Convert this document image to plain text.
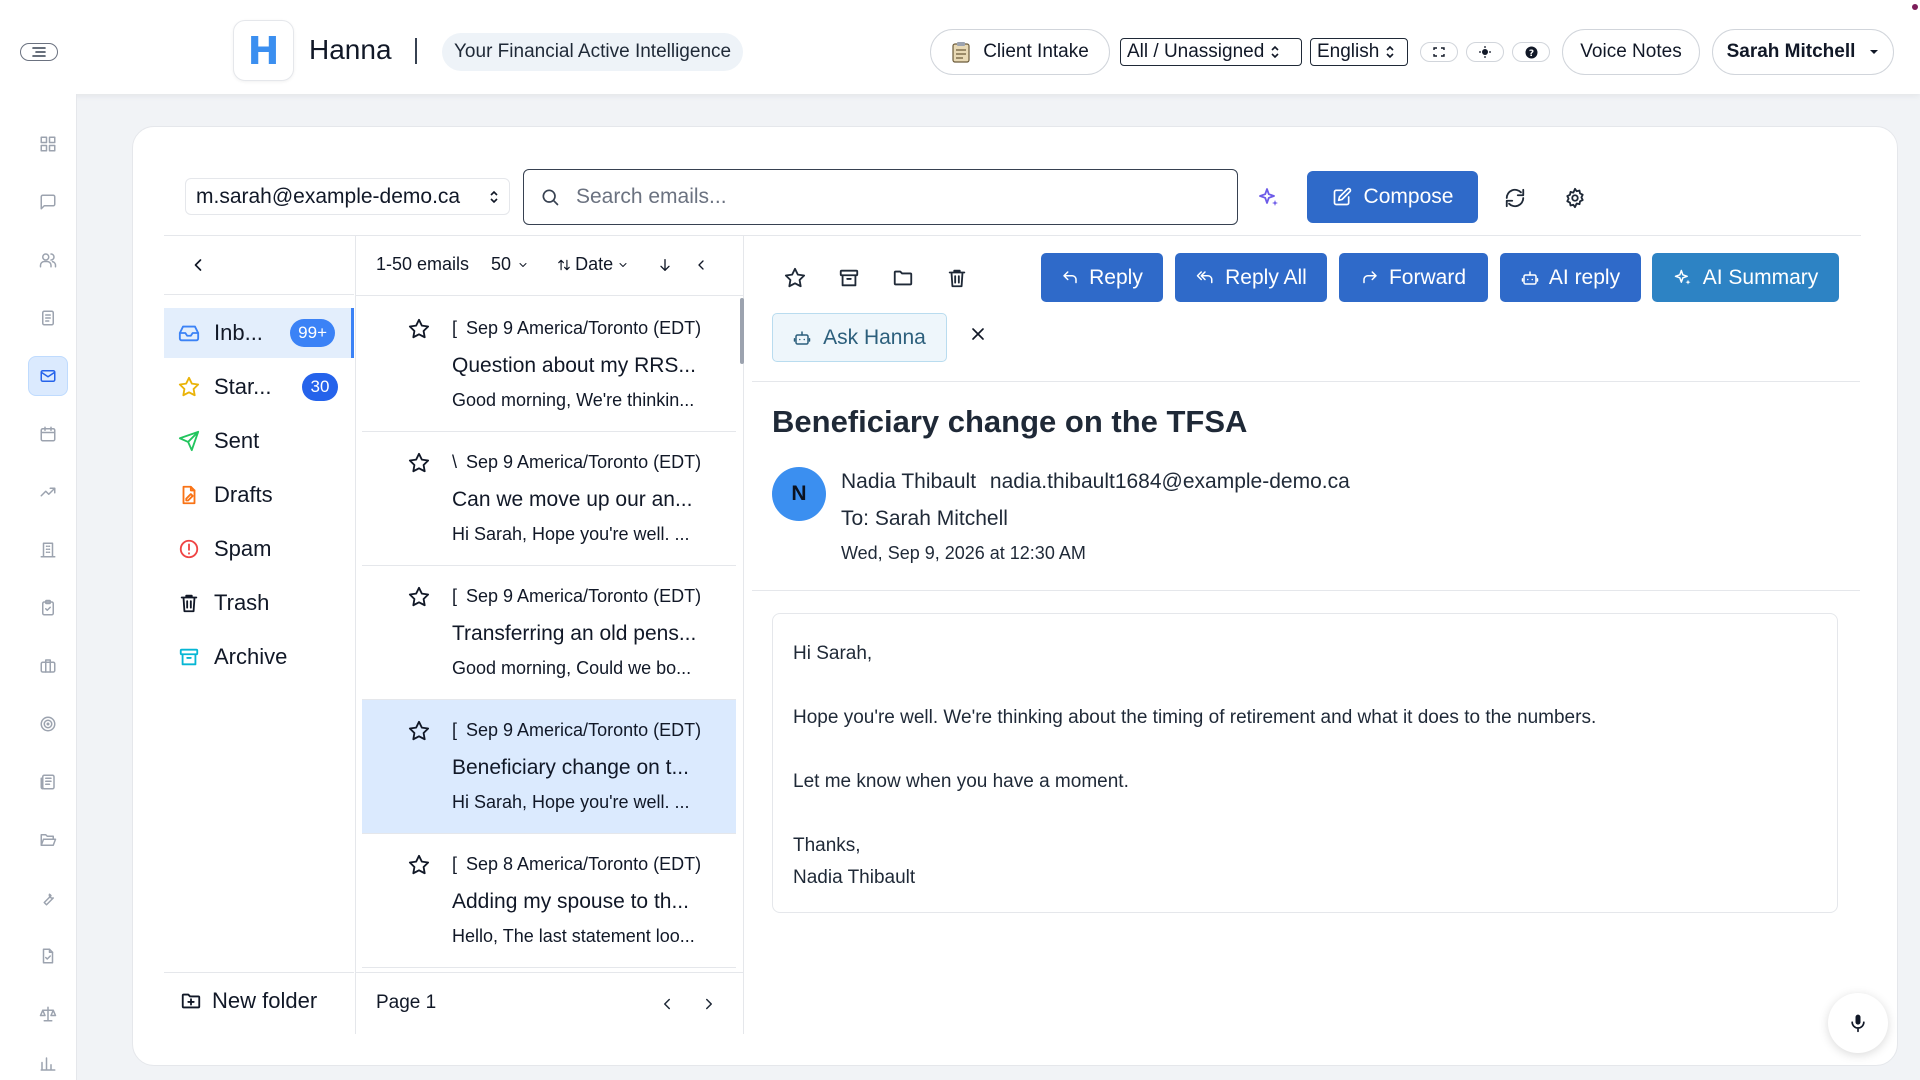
H Hanna	Your Financial Active Intelligence	Client Intake All / Unassigned	English	? Voice Notes Sarah Mitchell
m.sarah@example-demo.ca
Search emails...	Compose
Inb...	99+
Star...	30
Sent
Drafts
Spam
Trash
Archive
New folder
1-50 emails 50	Date
[ Sep 9 America/Toronto (EDT)
Question about my RRS...
Good morning, We're thinkin...
\ Sep 9 America/Toronto (EDT)
Can we move up our an...
Hi Sarah, Hope you're well. ...
[ Sep 9 America/Toronto (EDT)
Transferring an old pens...
Good morning, Could we bo...
[ Sep 9 America/Toronto (EDT)
Beneficiary change on t...
Hi Sarah, Hope you're well. ...
[ Sep 8 America/Toronto (EDT)
Adding my spouse to th...
Hello, The last statement loo...
Page 1
Reply	Reply All	Forward	AI reply	AI Summary
Ask Hanna
Beneficiary change on the TFSA
N
Nadia Thibault nadia.thibault1684@example-demo.ca
To: Sarah Mitchell
Wed, Sep 9, 2026 at 12:30 AM

Hi Sarah,

Hope you're well. We're thinking about the timing of retirement and what it does to the numbers.

Let me know when you have a moment.

Thanks,

Nadia Thibault
